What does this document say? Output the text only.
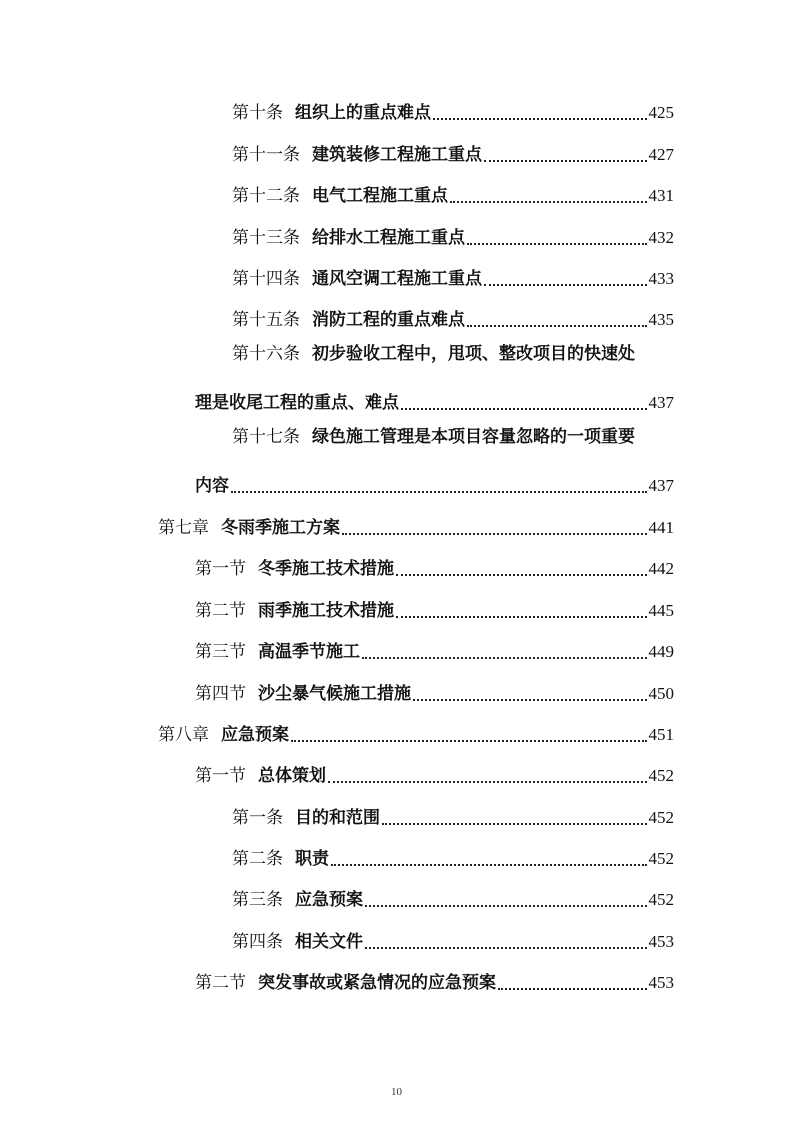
第十条 组织上的重点难点	425
第十一条 建筑装修工程施工重点	427
第十二条 电气工程施工重点	431
第十三条 给排水工程施工重点	432
第十四条 通风空调工程施工重点	433
第十五条 消防工程的重点难点	435
第十六条 初步验收工程中，甩项、整改项目的快速处
理是收尾工程的重点、难点	437
第十七条 绿色施工管理是本项目容量忽略的一项重要
内容	437
第七章 冬雨季施工方案	441
第一节 冬季施工技术措施	442
第二节 雨季施工技术措施	445
第三节 高温季节施工	449
第四节 沙尘暴气候施工措施	450
第八章 应急预案	451
第一节 总体策划	452
第一条 目的和范围	452
第二条 职责	452
第三条 应急预案	452
第四条 相关文件	453
第二节 突发事故或紧急情况的应急预案	453
10
